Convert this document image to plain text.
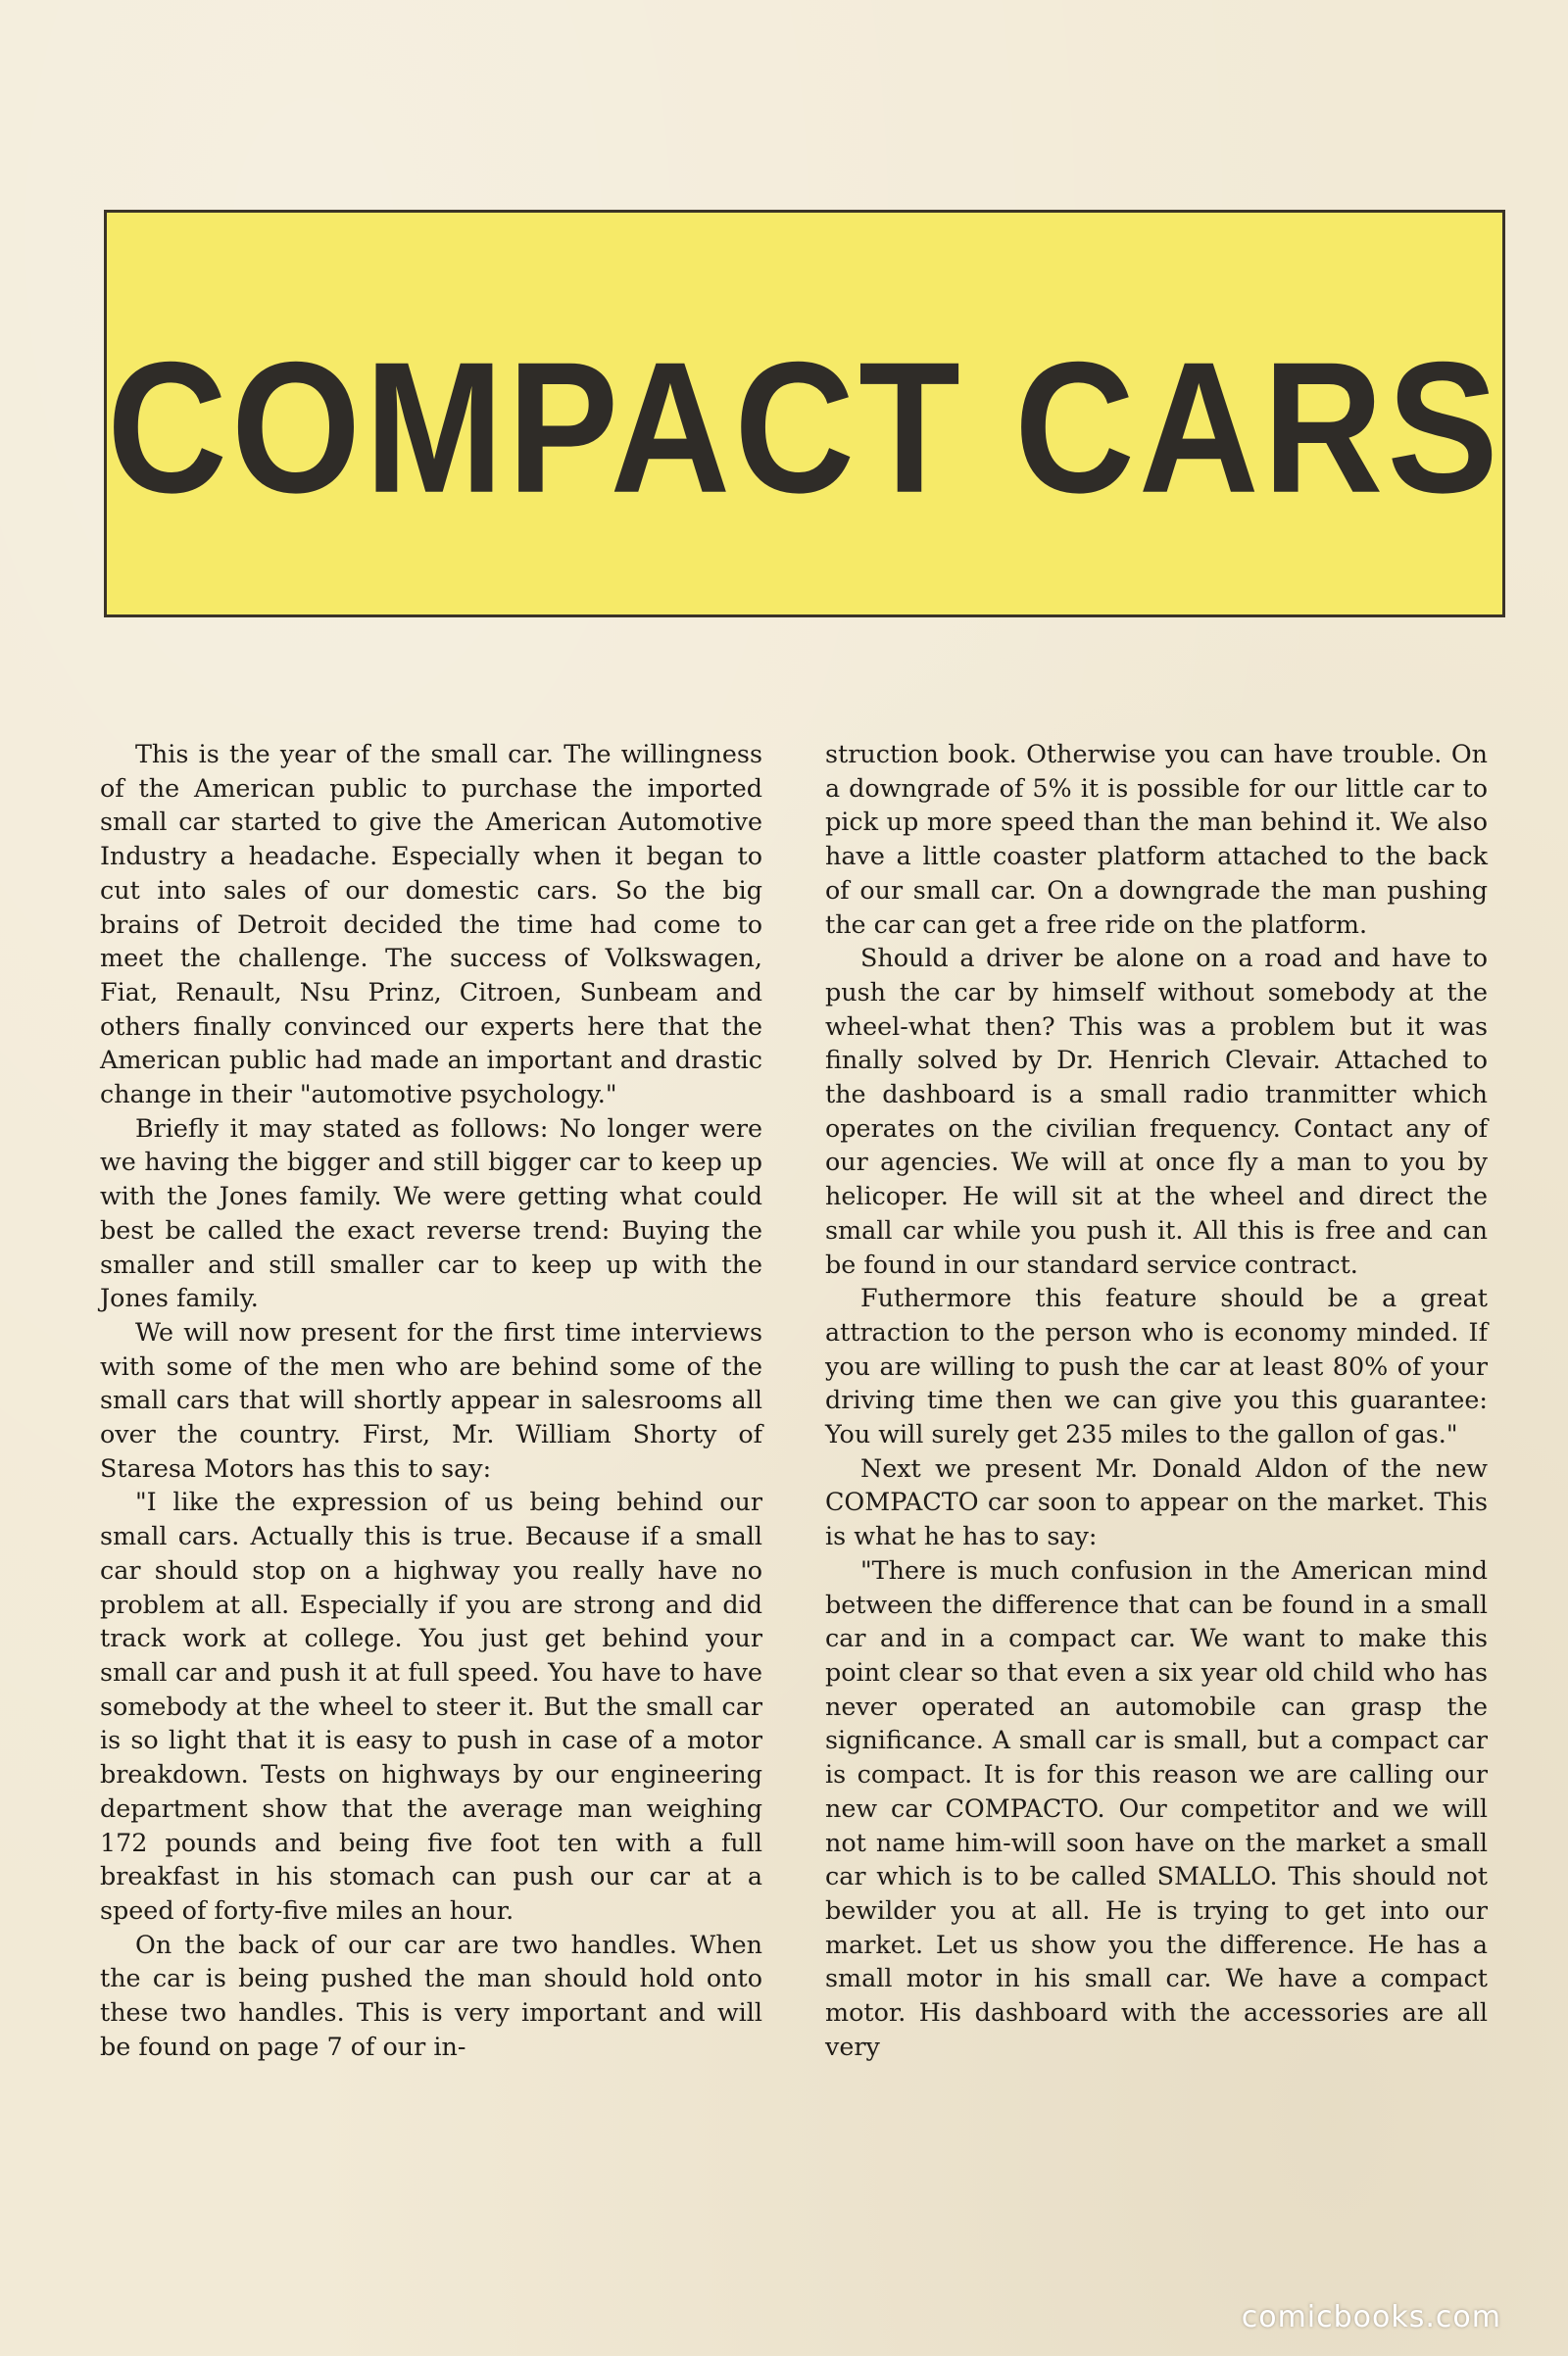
COMPACT CARS

This is the year of the small car. The willingness of the American public to purchase the imported small car started to give the American Automotive Industry a headache. Especially when it began to cut into sales of our domestic cars. So the big brains of Detroit decided the time had come to meet the challenge. The success of Volkswagen, Fiat, Renault, Nsu Prinz, Citroen, Sunbeam and others finally convinced our experts here that the American public had made an important and drastic change in their "automotive psychology."

Briefly it may stated as follows: No longer were we having the bigger and still bigger car to keep up with the Jones family. We were getting what could best be called the exact reverse trend: Buying the smaller and still smaller car to keep up with the Jones family.

We will now present for the first time interviews with some of the men who are behind some of the small cars that will shortly appear in salesrooms all over the country. First, Mr. William Shorty of Staresa Motors has this to say:

"I like the expression of us being behind our small cars. Actually this is true. Because if a small car should stop on a highway you really have no problem at all. Especially if you are strong and did track work at college. You just get behind your small car and push it at full speed. You have to have somebody at the wheel to steer it. But the small car is so light that it is easy to push in case of a motor breakdown. Tests on highways by our engineering department show that the average man weighing 172 pounds and being five foot ten with a full breakfast in his stomach can push our car at a speed of forty-five miles an hour.

On the back of our car are two handles. When the car is being pushed the man should hold onto these two handles. This is very important and will be found on page 7 of our in-

struction book. Otherwise you can have trouble. On a downgrade of 5% it is possible for our little car to pick up more speed than the man behind it. We also have a little coaster platform attached to the back of our small car. On a downgrade the man pushing the car can get a free ride on the platform.

Should a driver be alone on a road and have to push the car by himself without somebody at the wheel-what then? This was a problem but it was finally solved by Dr. Henrich Clevair. Attached to the dashboard is a small radio tranmitter which operates on the civilian frequency. Contact any of our agencies. We will at once fly a man to you by helicoper. He will sit at the wheel and direct the small car while you push it. All this is free and can be found in our standard service contract.

Futhermore this feature should be a great attraction to the person who is economy minded. If you are willing to push the car at least 80% of your driving time then we can give you this guarantee: You will surely get 235 miles to the gallon of gas."

Next we present Mr. Donald Aldon of the new COMPACTO car soon to appear on the market. This is what he has to say:

"There is much confusion in the American mind between the difference that can be found in a small car and in a compact car. We want to make this point clear so that even a six year old child who has never operated an automobile can grasp the significance. A small car is small, but a compact car is compact. It is for this reason we are calling our new car COMPACTO. Our competitor and we will not name him-will soon have on the market a small car which is to be called SMALLO. This should not bewilder you at all. He is trying to get into our market. Let us show you the difference. He has a small motor in his small car. We have a compact motor. His dashboard with the accessories are all very

comicbooks.com
